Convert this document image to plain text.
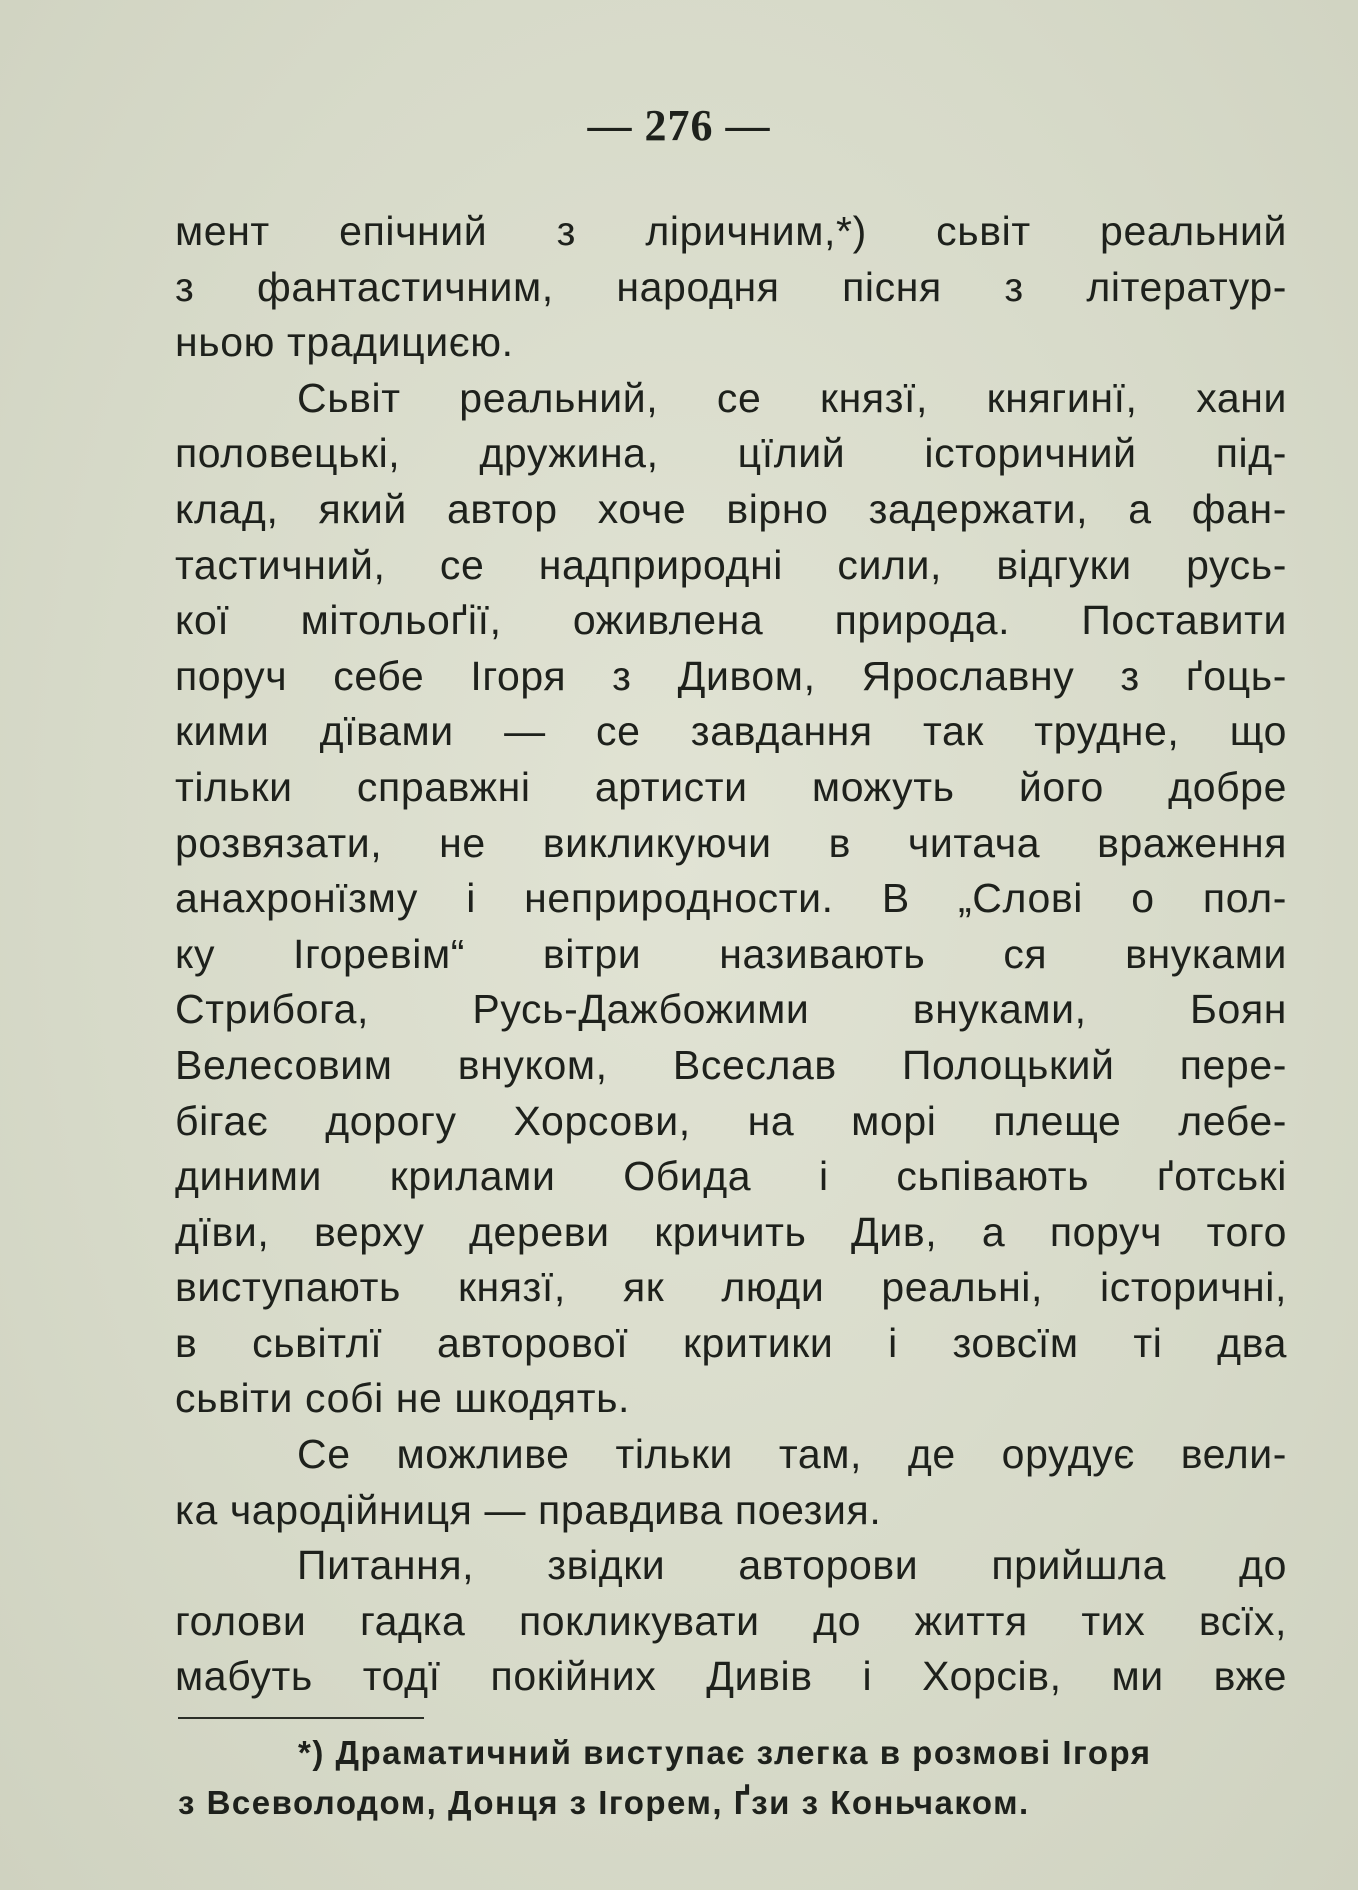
— 276 —
мент епічний з ліричним,*) сьвіт реальний
з фантастичним, народня пісня з літератур-
ньою традициєю.
Сьвіт реальний, се князї, княгинї, хани
половецькі, дружина, цїлий історичний під-
клад, який автор хоче вірно задержати, а фан-
тастичний, се надприродні сили, відгуки русь-
кої мітольоґії, оживлена природа. Поставити
поруч себе Ігоря з Дивом, Ярославну з ґоць-
кими дївами — се завдання так трудне, що
тільки справжні артисти можуть його добре
розвязати, не викликуючи в читача враження
анахронїзму і неприродности. В „Слові о пол-
ку Ігоревім“ вітри називають ся внуками
Стрибога, Русь-Дажбожими внуками, Боян
Велесовим внуком, Всеслав Полоцький пере-
бігає дорогу Хорсови, на морі плеще лебе-
диними крилами Обида і сьпівають ґотські
дїви, верху дереви кричить Див, а поруч того
виступають князї, як люди реальні, історичні,
в сьвітлї авторової критики і зовсїм ті два
сьвіти собі не шкодять.
Се можливе тільки там, де орудує вели-
ка чародійниця — правдива поезия.
Питання, звідки авторови прийшла до
голови гадка покликувати до життя тих всїх,
мабуть тодї покійних Дивів і Хорсів, ми вже
*) Драматичний виступає злегка в розмові Ігоря
з Всеволодом, Донця з Ігорем, Ґзи з Коньчаком.
